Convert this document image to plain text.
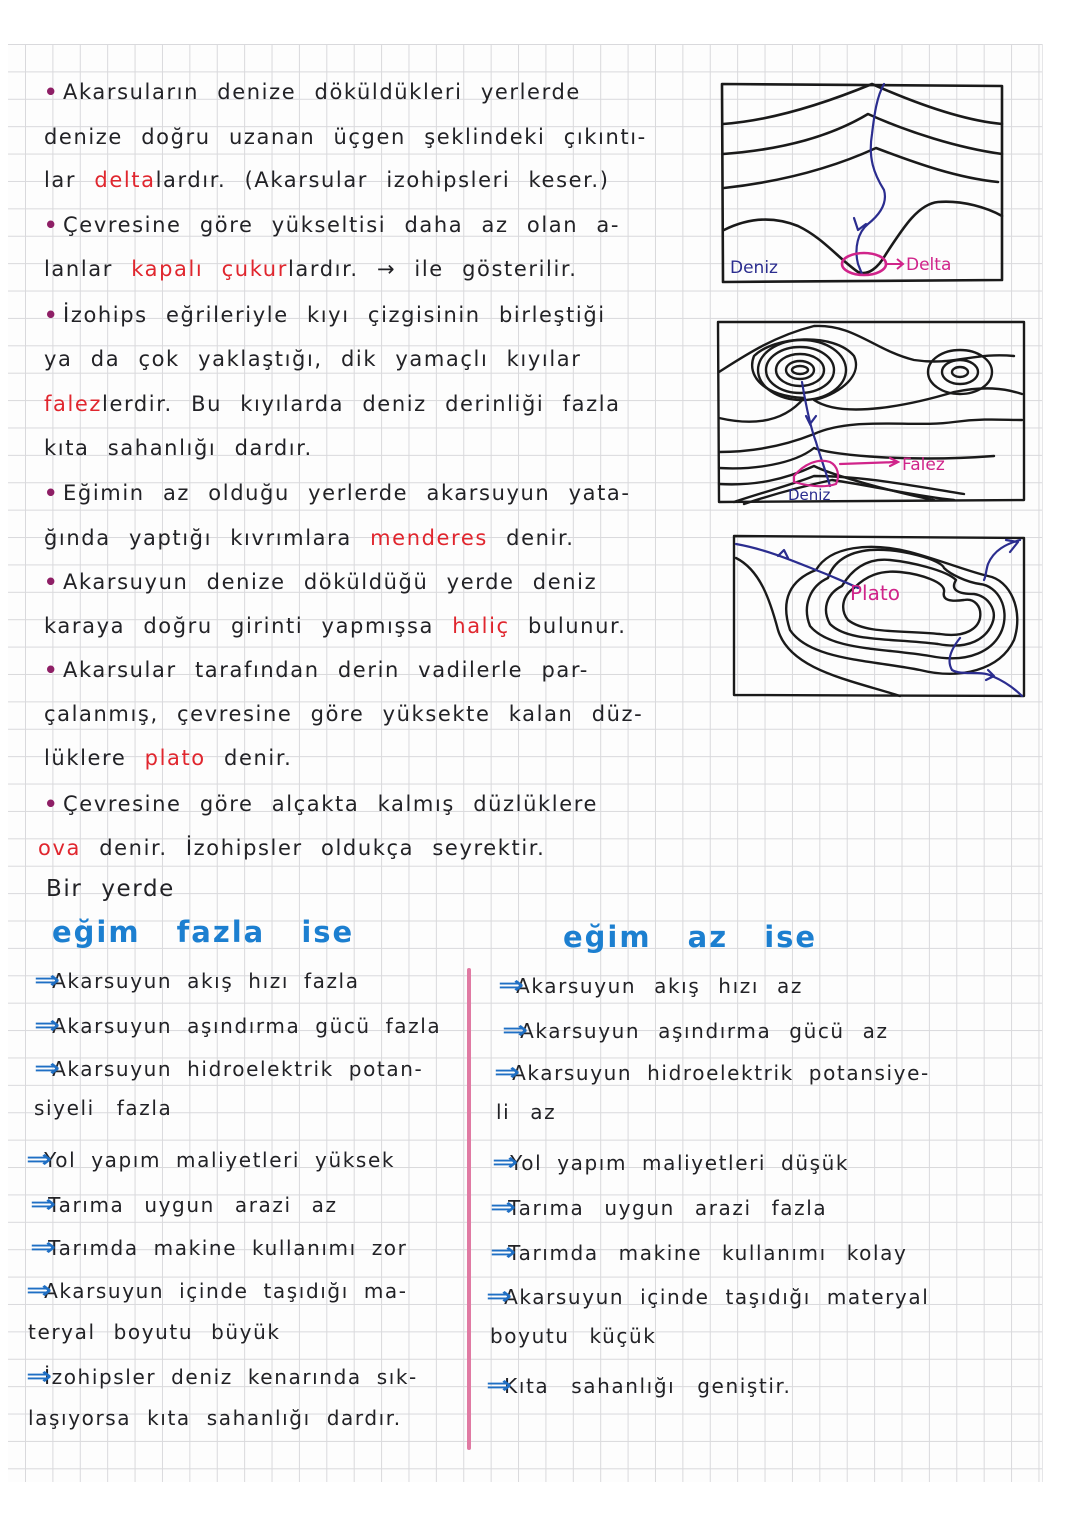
• Akarsuların denize döküldükleri yerlerde
denize doğru uzanan üçgen şeklindeki çıkıntı-
lar deltalardır. (Akarsular izohipsleri keser.)
• Çevresine göre yükseltisi daha az olan a-
lanlar kapalı çukurlardır. → ile gösterilir.
• İzohips eğrileriyle kıyı çizgisinin birleştiği
ya da çok yaklaştığı, dik yamaçlı kıyılar
falezlerdir. Bu kıyılarda deniz derinliği fazla
kıta sahanlığı dardır.
• Eğimin az olduğu yerlerde akarsuyun yata-
ğında yaptığı kıvrımlara menderes denir.
• Akarsuyun denize döküldüğü yerde deniz
karaya doğru girinti yapmışsa haliç bulunur.
• Akarsular tarafından derin vadilerle par-
çalanmış, çevresine göre yüksekte kalan düz-
lüklere plato denir.
• Çevresine göre alçakta kalmış düzlüklere
ova denir. İzohipsler oldukça seyrektir.
Bir yerde
Deniz	Delta
Falez
Deniz
Plato
eğim fazla ise	eğim az ise
⇒Akarsuyun akış hızı fazla
⇒Akarsuyun aşındırma gücü fazla
⇒Akarsuyun hidroelektrik potan-
siyeli fazla
⇒Yol yapım maliyetleri yüksek
⇒Tarıma uygun arazi az
⇒Tarımda makine kullanımı zor
⇒Akarsuyun içinde taşıdığı ma-
teryal boyutu büyük
⇒İzohipsler deniz kenarında sık-
laşıyorsa kıta sahanlığı dardır.
⇒Akarsuyun akış hızı az
⇒Akarsuyun aşındırma gücü az
⇒Akarsuyun hidroelektrik potansiye-
li az
⇒Yol yapım maliyetleri düşük
⇒Tarıma uygun arazi fazla
⇒Tarımda makine kullanımı kolay
⇒Akarsuyun içinde taşıdığı materyal
boyutu küçük
⇒Kıta sahanlığı geniştir.
